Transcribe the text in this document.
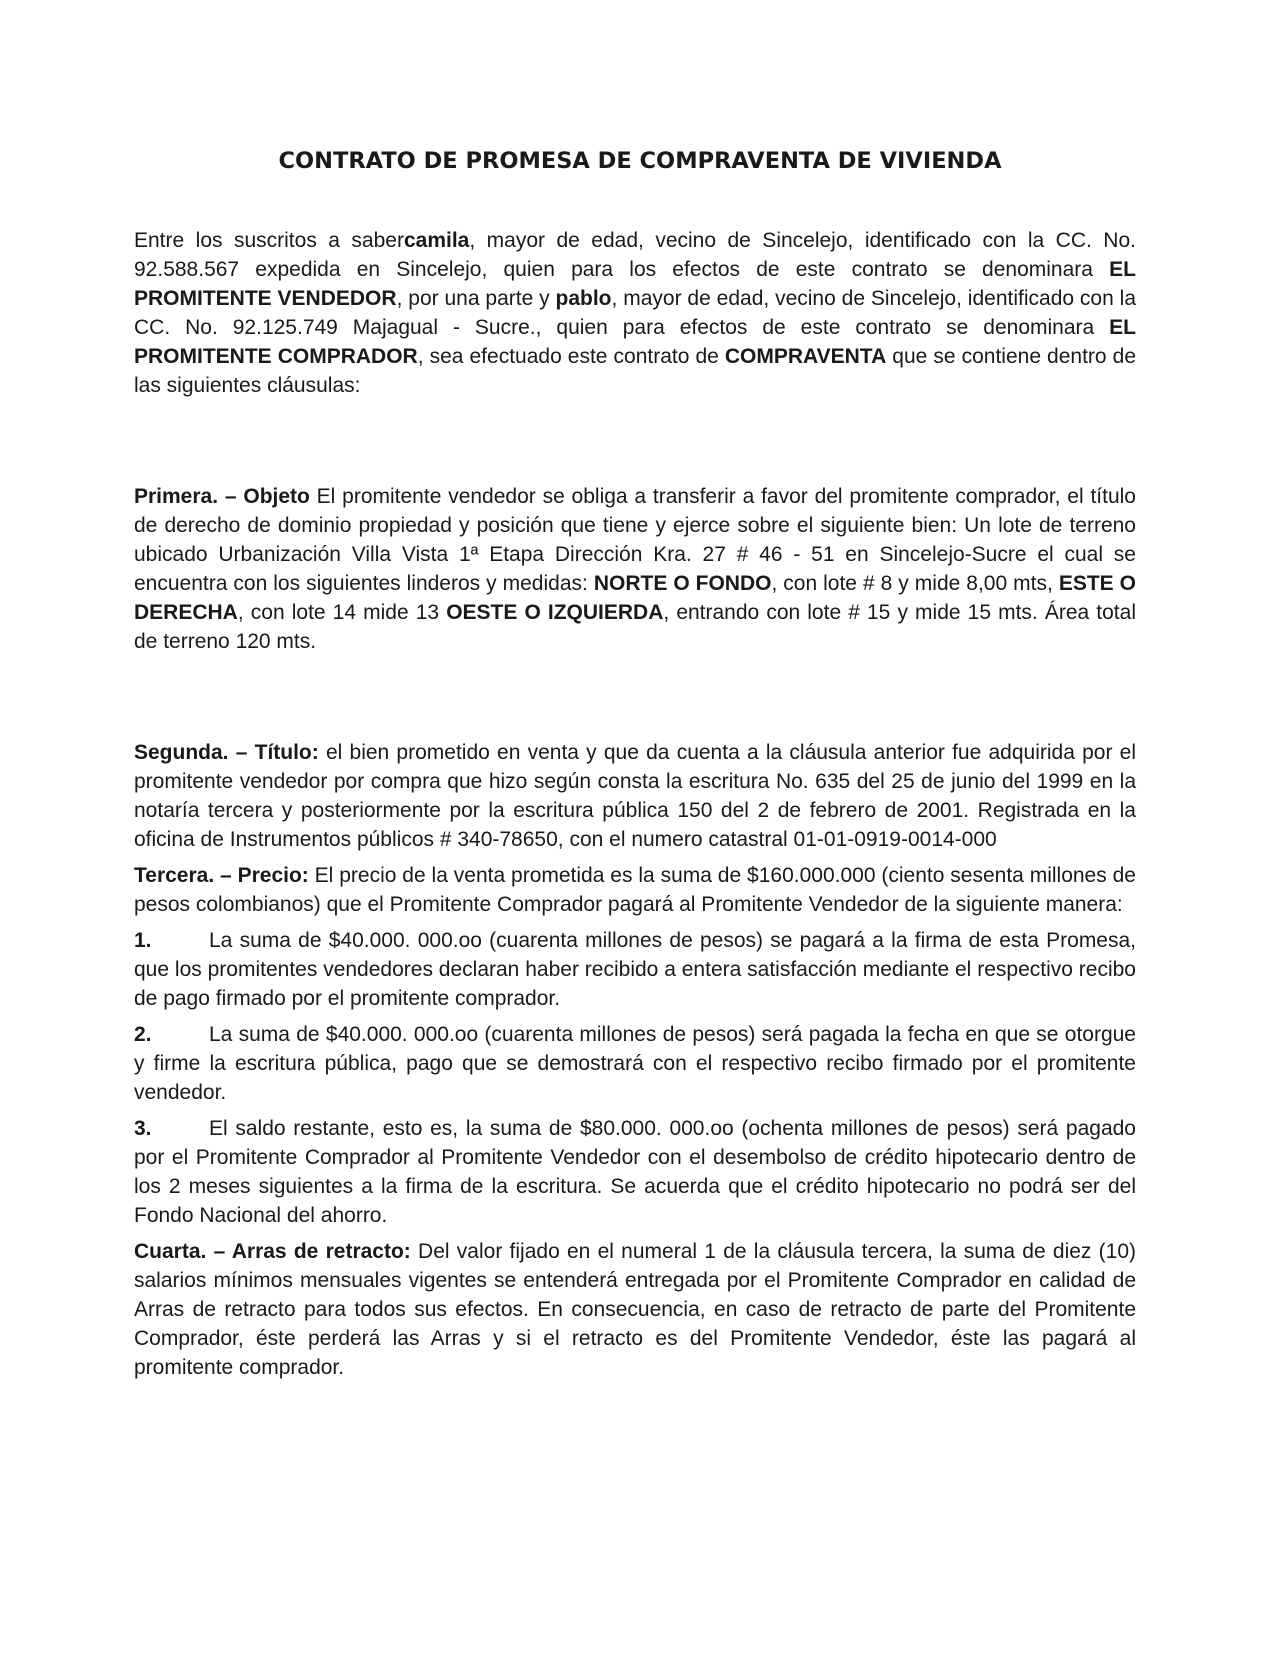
CONTRATO DE PROMESA DE COMPRAVENTA DE VIVIENDA

Entre los suscritos a sabercamila, mayor de edad, vecino de Sincelejo, identificado con la CC. No. 92.588.567 expedida en Sincelejo, quien para los efectos de este contrato se denominara EL PROMITENTE VENDEDOR, por una parte y pablo, mayor de edad, vecino de Sincelejo, identificado con la CC. No. 92.125.749 Majagual - Sucre., quien para efectos de este contrato se denominara EL PROMITENTE COMPRADOR, sea efectuado este contrato de COMPRAVENTA que se contiene dentro de las siguientes cláusulas:

Primera. – Objeto El promitente vendedor se obliga a transferir a favor del promitente comprador, el título de derecho de dominio propiedad y posición que tiene y ejerce sobre el siguiente bien: Un lote de terreno ubicado Urbanización Villa Vista 1ª Etapa Dirección Kra. 27 # 46 - 51 en Sincelejo-Sucre el cual se encuentra con los siguientes linderos y medidas: NORTE O FONDO, con lote # 8 y mide 8,00 mts, ESTE O DERECHA, con lote 14 mide 13 OESTE O IZQUIERDA, entrando con lote # 15 y mide 15 mts. Área total de terreno 120 mts.

Segunda. – Título: el bien prometido en venta y que da cuenta a la cláusula anterior fue adquirida por el promitente vendedor por compra que hizo según consta la escritura No. 635 del 25 de junio del 1999 en la notaría tercera y posteriormente por la escritura pública 150 del 2 de febrero de 2001. Registrada en la oficina de Instrumentos públicos # 340-78650, con el numero catastral 01-01-0919-0014-000

Tercera. – Precio: El precio de la venta prometida es la suma de $160.000.000 (ciento sesenta millones de pesos colombianos) que el Promitente Comprador pagará al Promitente Vendedor de la siguiente manera:

1.	La suma de $40.000. 000.oo (cuarenta millones de pesos) se pagará a la firma de esta Promesa, que los promitentes vendedores declaran haber recibido a entera satisfacción mediante el respectivo recibo de pago firmado por el promitente comprador.

2.	La suma de $40.000. 000.oo (cuarenta millones de pesos) será pagada la fecha en que se otorgue y firme la escritura pública, pago que se demostrará con el respectivo recibo firmado por el promitente vendedor.

3.	El saldo restante, esto es, la suma de $80.000. 000.oo (ochenta millones de pesos) será pagado por el Promitente Comprador al Promitente Vendedor con el desembolso de crédito hipotecario dentro de los 2 meses siguientes a la firma de la escritura. Se acuerda que el crédito hipotecario no podrá ser del Fondo Nacional del ahorro.

Cuarta. – Arras de retracto: Del valor fijado en el numeral 1 de la cláusula tercera, la suma de diez (10) salarios mínimos mensuales vigentes se entenderá entregada por el Promitente Comprador en calidad de Arras de retracto para todos sus efectos. En consecuencia, en caso de retracto de parte del Promitente Comprador, éste perderá las Arras y si el retracto es del Promitente Vendedor, éste las pagará al promitente comprador.
